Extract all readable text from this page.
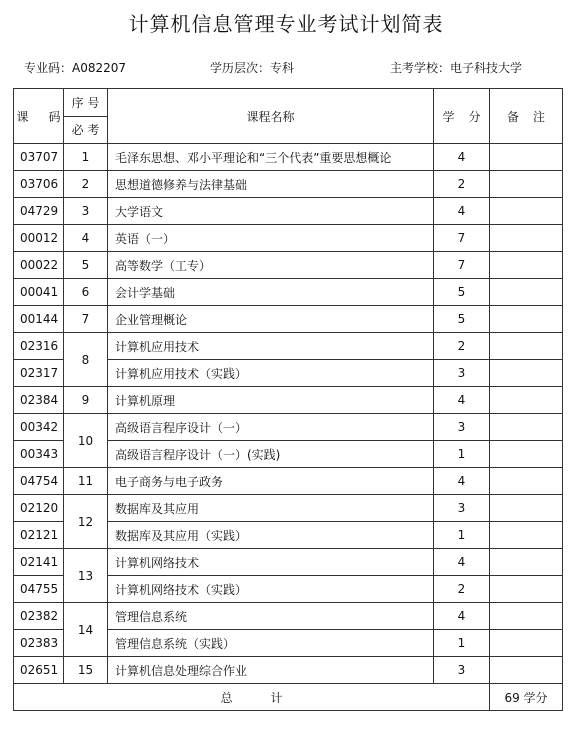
计算机信息管理专业考试计划简表
专业码：A082207	学历层次：专科	主考学校：电子科技大学
课 码	序 号	课程名称	学 分	备 注
	必 考			
03707	1	毛泽东思想、邓小平理论和“三个代表”重要思想概论	4	
03706	2	思想道德修养与法律基础	2	
04729	3	大学语文	4	
00012	4	英语（一）	7	
00022	5	高等数学（工专）	7	
00041	6	会计学基础	5	
00144	7	企业管理概论	5	
02316	8	计算机应用技术	2	
02317		计算机应用技术（实践）	3	
02384	9	计算机原理	4	
00342	10	高级语言程序设计（一）	3	
00343		高级语言程序设计（一）(实践)	1	
04754	11	电子商务与电子政务	4	
02120	12	数据库及其应用	3	
02121		数据库及其应用（实践）	1	
02141	13	计算机网络技术	4	
04755		计算机网络技术（实践）	2	
02382	14	管理信息系统	4	
02383		管理信息系统（实践）	1	
02651	15	计算机信息处理综合作业	3	
总 计				69 学分
